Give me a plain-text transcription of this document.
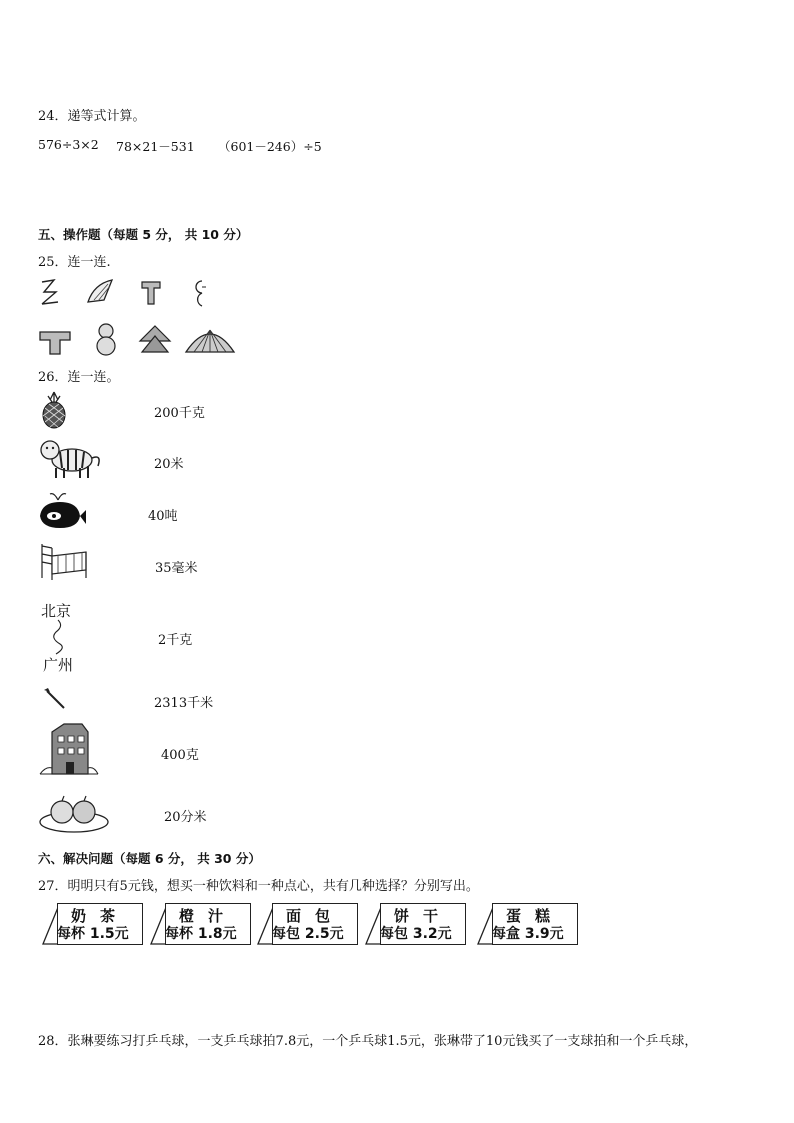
24．递等式计算。
576÷3×2 78×21－531 （601－246）÷5
五、操作题（每题 5 分， 共 10 分）
25．连一连.
26．连一连。
200千克
20米
40吨
35毫米
北京
广州
2千克
2313千米
400克
20分米
六、解决问题（每题 6 分， 共 30 分）
27．明明只有5元钱，想买一种饮料和一种点心，共有几种选择？分别写出。
奶茶
每杯 1.5元
橙汁
每杯 1.8元
面包
每包 2.5元
饼干
每包 3.2元
蛋糕
每盒 3.9元
28．张琳要练习打乒乓球，一支乒乓球拍7.8元，一个乒乓球1.5元，张琳带了10元钱买了一支球拍和一个乒乓球，
